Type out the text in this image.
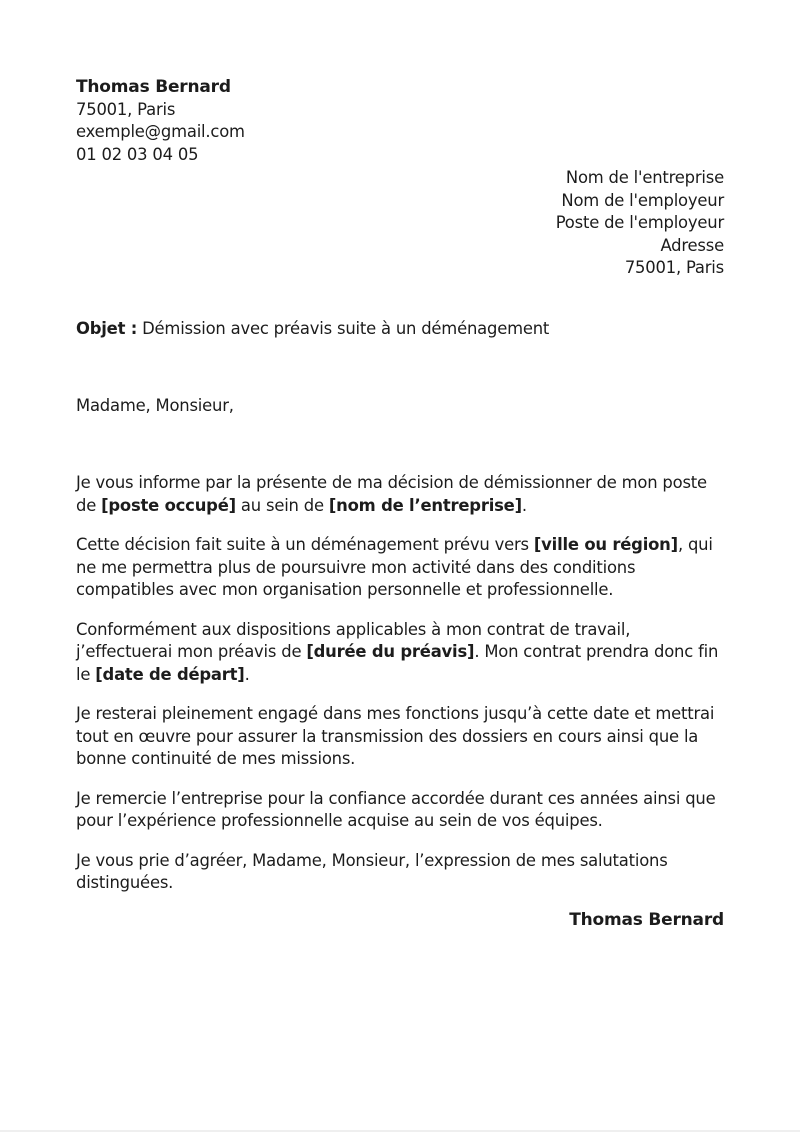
Thomas Bernard
75001, Paris
exemple@gmail.com
01 02 03 04 05
Nom de l'entreprise
Nom de l'employeur
Poste de l'employeur
Adresse
75001, Paris
Objet : Démission avec préavis suite à un déménagement
Madame, Monsieur,

Je vous informe par la présente de ma décision de démissionner de mon poste de [poste occupé] au sein de [nom de l’entreprise].

Cette décision fait suite à un déménagement prévu vers [ville ou région], qui ne me permettra plus de poursuivre mon activité dans des conditions compatibles avec mon organisation personnelle et professionnelle.

Conformément aux dispositions applicables à mon contrat de travail, j’effectuerai mon préavis de [durée du préavis]. Mon contrat prendra donc fin le [date de départ].

Je resterai pleinement engagé dans mes fonctions jusqu’à cette date et mettrai tout en œuvre pour assurer la transmission des dossiers en cours ainsi que la bonne continuité de mes missions.

Je remercie l’entreprise pour la confiance accordée durant ces années ainsi que pour l’expérience professionnelle acquise au sein de vos équipes.

Je vous prie d’agréer, Madame, Monsieur, l’expression de mes salutations distinguées.

Thomas Bernard
